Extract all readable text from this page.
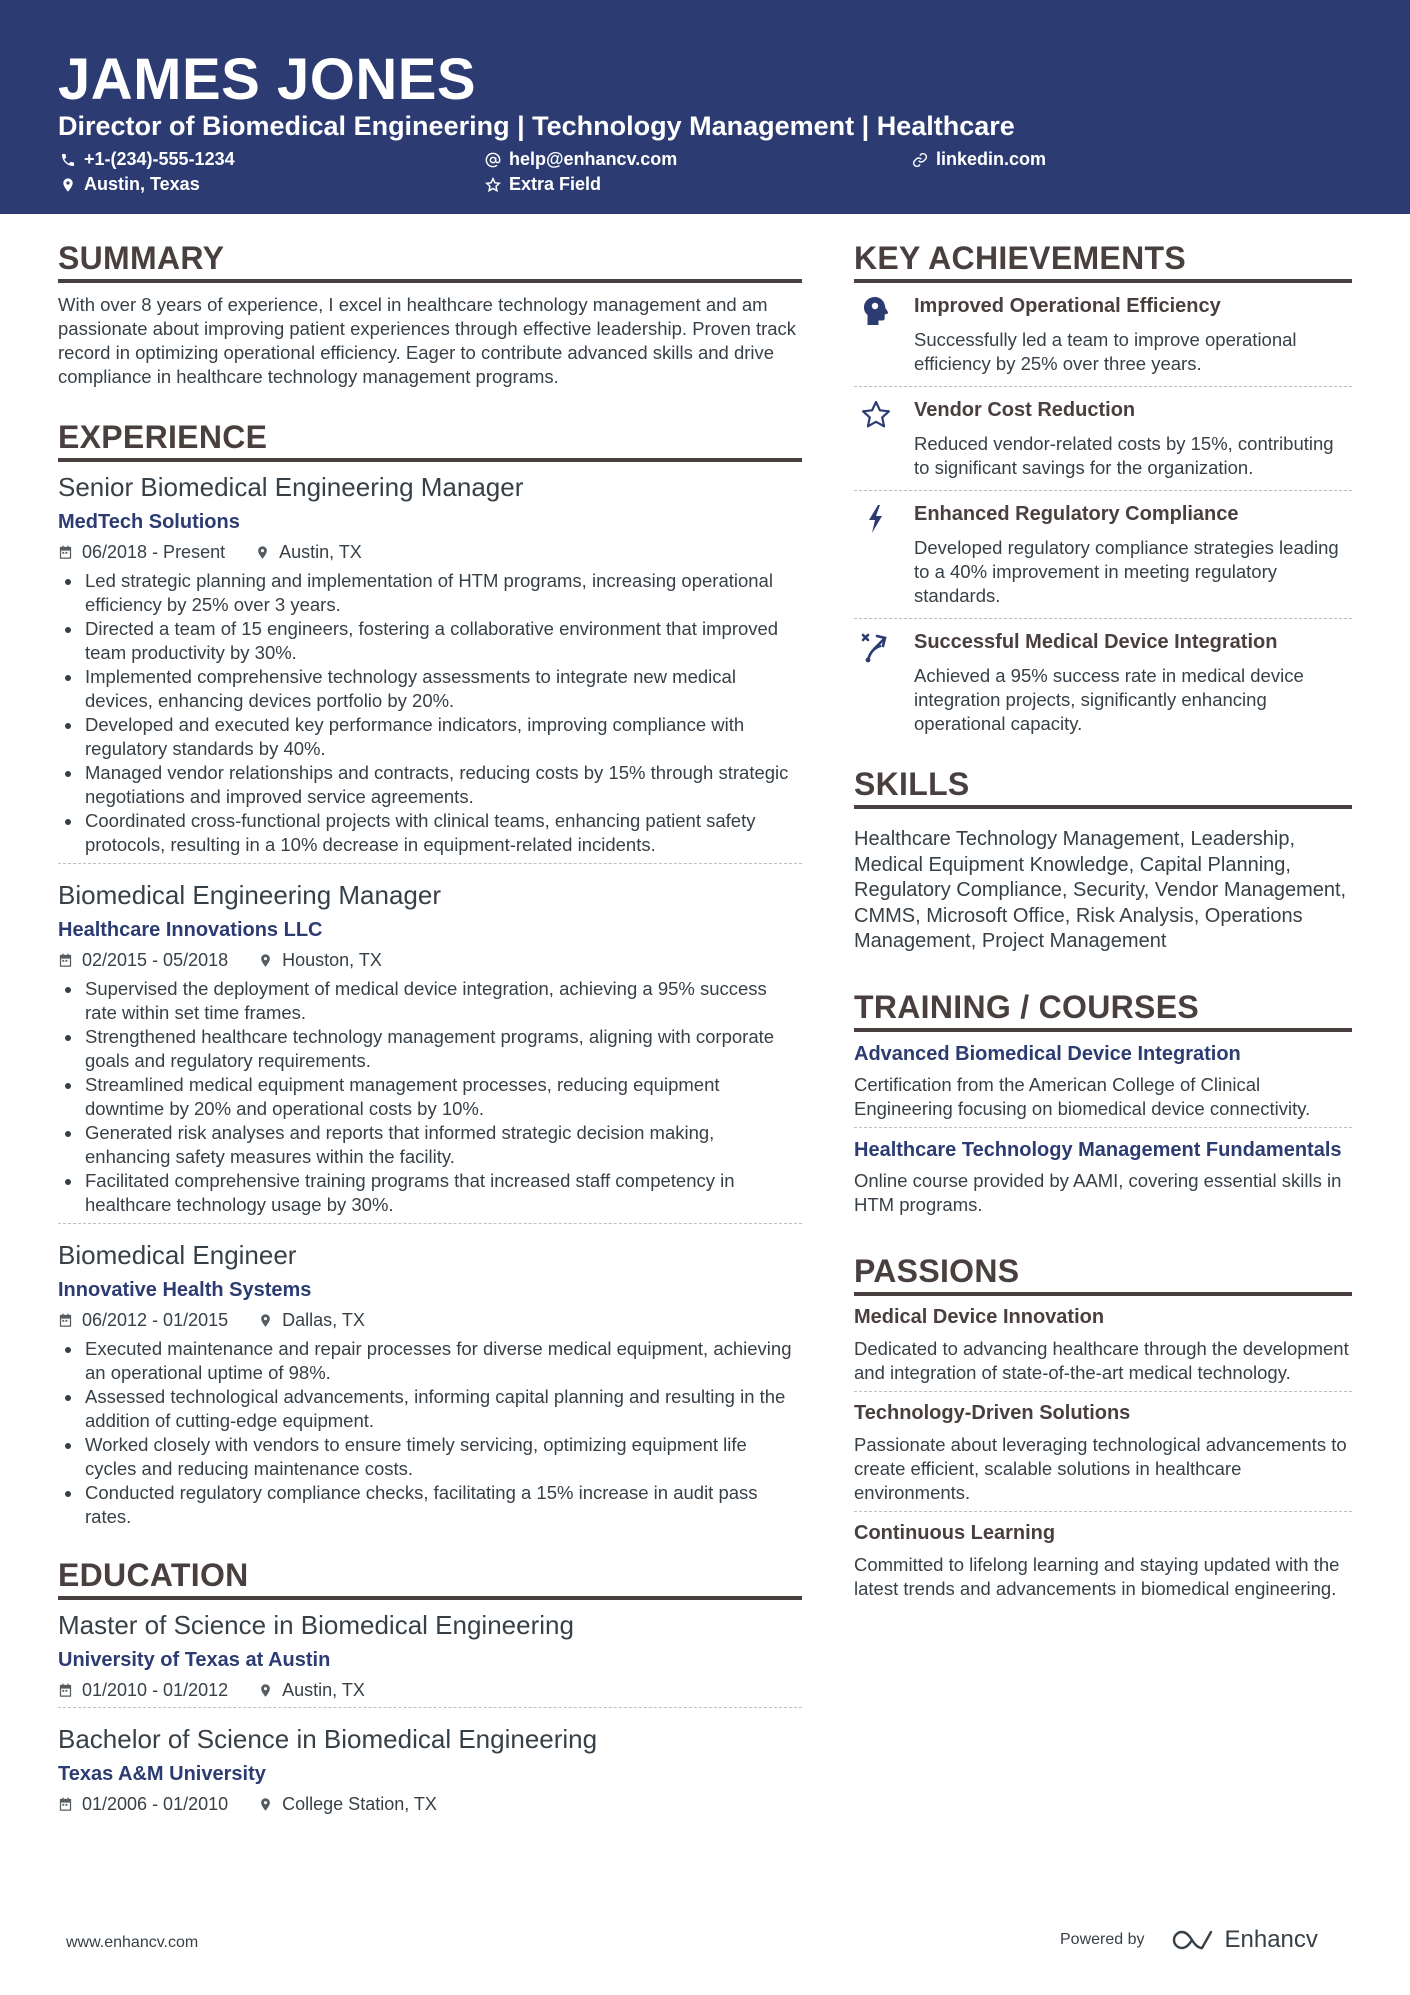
JAMES JONES
Director of Biomedical Engineering | Technology Management | Healthcare
+1-(234)-555-1234	help@enhancv.com	linkedin.com
Austin, Texas	Extra Field
SUMMARY
With over 8 years of experience, I excel in healthcare technology management and am passionate about improving patient experiences through effective leadership. Proven track record in optimizing operational efficiency. Eager to contribute advanced skills and drive compliance in healthcare technology management programs.
EXPERIENCE
Senior Biomedical Engineering Manager
MedTech Solutions
06/2018 - Present	Austin, TX
Led strategic planning and implementation of HTM programs, increasing operational efficiency by 25% over 3 years.
Directed a team of 15 engineers, fostering a collaborative environment that improved team productivity by 30%.
Implemented comprehensive technology assessments to integrate new medical devices, enhancing devices portfolio by 20%.
Developed and executed key performance indicators, improving compliance with regulatory standards by 40%.
Managed vendor relationships and contracts, reducing costs by 15% through strategic negotiations and improved service agreements.
Coordinated cross-functional projects with clinical teams, enhancing patient safety protocols, resulting in a 10% decrease in equipment-related incidents.
Biomedical Engineering Manager
Healthcare Innovations LLC
02/2015 - 05/2018	Houston, TX
Supervised the deployment of medical device integration, achieving a 95% success rate within set time frames.
Strengthened healthcare technology management programs, aligning with corporate goals and regulatory requirements.
Streamlined medical equipment management processes, reducing equipment downtime by 20% and operational costs by 10%.
Generated risk analyses and reports that informed strategic decision making, enhancing safety measures within the facility.
Facilitated comprehensive training programs that increased staff competency in healthcare technology usage by 30%.
Biomedical Engineer
Innovative Health Systems
06/2012 - 01/2015	Dallas, TX
Executed maintenance and repair processes for diverse medical equipment, achieving an operational uptime of 98%.
Assessed technological advancements, informing capital planning and resulting in the addition of cutting-edge equipment.
Worked closely with vendors to ensure timely servicing, optimizing equipment life cycles and reducing maintenance costs.
Conducted regulatory compliance checks, facilitating a 15% increase in audit pass rates.
EDUCATION
Master of Science in Biomedical Engineering
University of Texas at Austin
01/2010 - 01/2012	Austin, TX
Bachelor of Science in Biomedical Engineering
Texas A&M University
01/2006 - 01/2010	College Station, TX
KEY ACHIEVEMENTS
Improved Operational Efficiency
Successfully led a team to improve operational efficiency by 25% over three years.
Vendor Cost Reduction
Reduced vendor-related costs by 15%, contributing to significant savings for the organization.
Enhanced Regulatory Compliance
Developed regulatory compliance strategies leading to a 40% improvement in meeting regulatory standards.
Successful Medical Device Integration
Achieved a 95% success rate in medical device integration projects, significantly enhancing operational capacity.
SKILLS
Healthcare Technology Management, Leadership, Medical Equipment Knowledge, Capital Planning, Regulatory Compliance, Security, Vendor Management, CMMS, Microsoft Office, Risk Analysis, Operations Management, Project Management
TRAINING / COURSES
Advanced Biomedical Device Integration
Certification from the American College of Clinical Engineering focusing on biomedical device connectivity.
Healthcare Technology Management Fundamentals
Online course provided by AAMI, covering essential skills in HTM programs.
PASSIONS
Medical Device Innovation
Dedicated to advancing healthcare through the development and integration of state-of-the-art medical technology.
Technology-Driven Solutions
Passionate about leveraging technological advancements to create efficient, scalable solutions in healthcare environments.
Continuous Learning
Committed to lifelong learning and staying updated with the latest trends and advancements in biomedical engineering.
www.enhancv.com	Powered by	Enhancv
